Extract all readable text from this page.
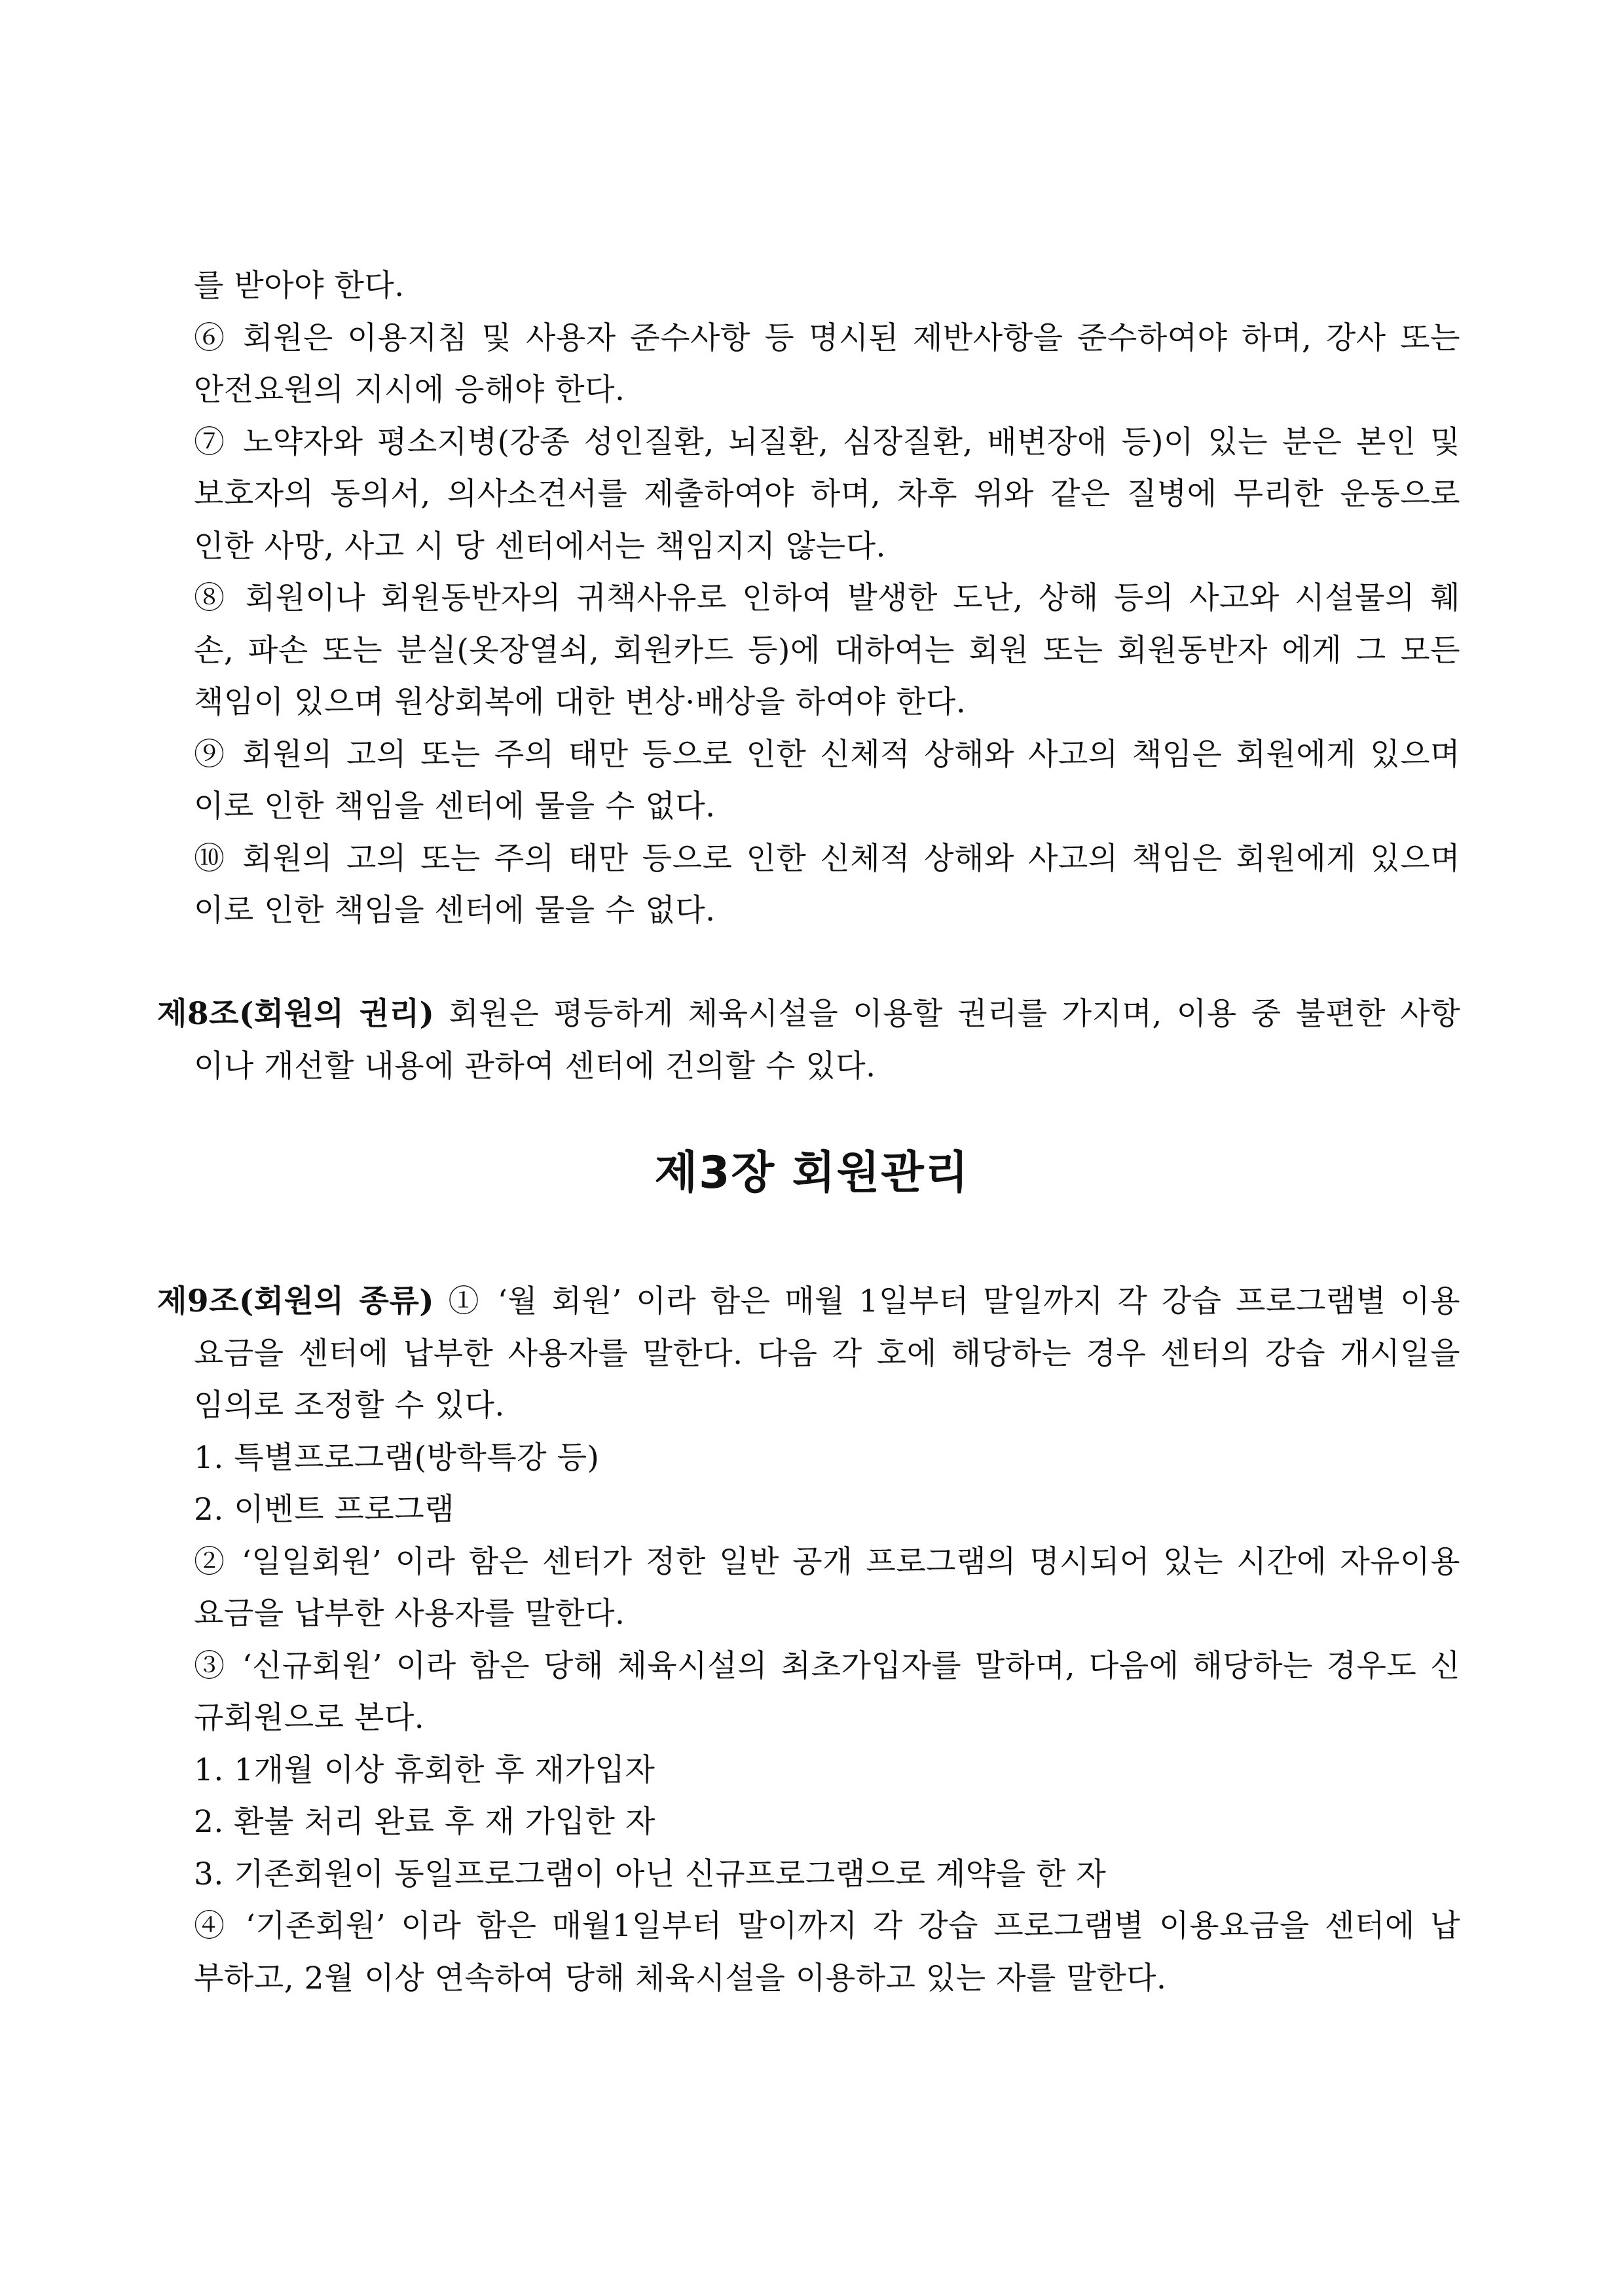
를 받아야 한다.
⑥ 회원은 이용지침 및 사용자 준수사항 등 명시된 제반사항을 준수하여야 하며, 강사 또는
안전요원의 지시에 응해야 한다.
⑦ 노약자와 평소지병(강종 성인질환, 뇌질환, 심장질환, 배변장애 등)이 있는 분은 본인 및
보호자의 동의서, 의사소견서를 제출하여야 하며, 차후 위와 같은 질병에 무리한 운동으로
인한 사망, 사고 시 당 센터에서는 책임지지 않는다.
⑧ 회원이나 회원동반자의 귀책사유로 인하여 발생한 도난, 상해 등의 사고와 시설물의 훼
손, 파손 또는 분실(옷장열쇠, 회원카드 등)에 대하여는 회원 또는 회원동반자 에게 그 모든
책임이 있으며 원상회복에 대한 변상·배상을 하여야 한다.
⑨ 회원의 고의 또는 주의 태만 등으로 인한 신체적 상해와 사고의 책임은 회원에게 있으며
이로 인한 책임을 센터에 물을 수 없다.
⑩ 회원의 고의 또는 주의 태만 등으로 인한 신체적 상해와 사고의 책임은 회원에게 있으며
이로 인한 책임을 센터에 물을 수 없다.
제8조(회원의 권리) 회원은 평등하게 체육시설을 이용할 권리를 가지며, 이용 중 불편한 사항
이나 개선할 내용에 관하여 센터에 건의할 수 있다.
제3장 회원관리
제9조(회원의 종류) ① ‘월 회원’ 이라 함은 매월 1일부터 말일까지 각 강습 프로그램별 이용
요금을 센터에 납부한 사용자를 말한다. 다음 각 호에 해당하는 경우 센터의 강습 개시일을
임의로 조정할 수 있다.
1. 특별프로그램(방학특강 등)
2. 이벤트 프로그램
② ‘일일회원’ 이라 함은 센터가 정한 일반 공개 프로그램의 명시되어 있는 시간에 자유이용
요금을 납부한 사용자를 말한다.
③ ‘신규회원’ 이라 함은 당해 체육시설의 최초가입자를 말하며, 다음에 해당하는 경우도 신
규회원으로 본다.
1. 1개월 이상 휴회한 후 재가입자
2. 환불 처리 완료 후 재 가입한 자
3. 기존회원이 동일프로그램이 아닌 신규프로그램으로 계약을 한 자
④ ‘기존회원’ 이라 함은 매월1일부터 말이까지 각 강습 프로그램별 이용요금을 센터에 납
부하고, 2월 이상 연속하여 당해 체육시설을 이용하고 있는 자를 말한다.
